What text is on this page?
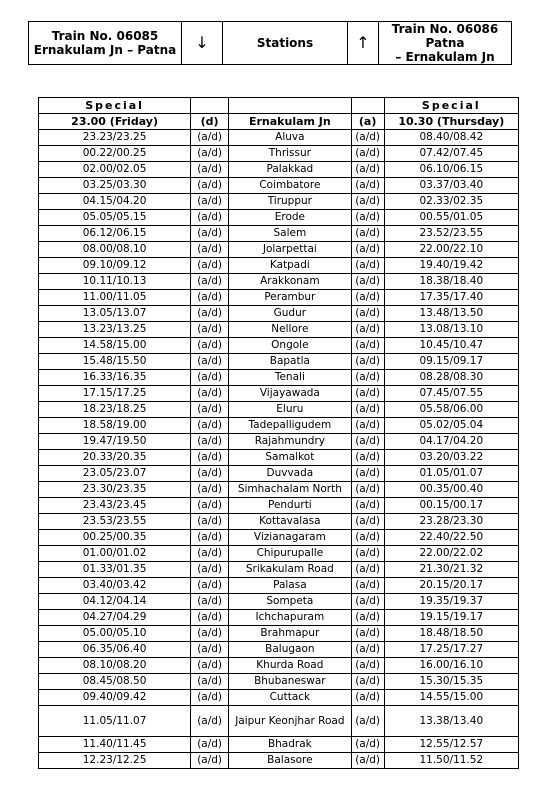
Train No. 06085
Ernakulam Jn – Patna	↓	Stations	↑	Train No. 06086 Patna
– Ernakulam Jn
Special				Special
23.00 (Friday)	(d)	Ernakulam Jn	(a)	10.30 (Thursday)
23.23/23.25	(a/d)	Aluva	(a/d)	08.40/08.42
00.22/00.25	(a/d)	Thrissur	(a/d)	07.42/07.45
02.00/02.05	(a/d)	Palakkad	(a/d)	06.10/06.15
03.25/03.30	(a/d)	Coimbatore	(a/d)	03.37/03.40
04.15/04.20	(a/d)	Tiruppur	(a/d)	02.33/02.35
05.05/05.15	(a/d)	Erode	(a/d)	00.55/01.05
06.12/06.15	(a/d)	Salem	(a/d)	23.52/23.55
08.00/08.10	(a/d)	Jolarpettai	(a/d)	22.00/22.10
09.10/09.12	(a/d)	Katpadi	(a/d)	19.40/19.42
10.11/10.13	(a/d)	Arakkonam	(a/d)	18.38/18.40
11.00/11.05	(a/d)	Perambur	(a/d)	17.35/17.40
13.05/13.07	(a/d)	Gudur	(a/d)	13.48/13.50
13.23/13.25	(a/d)	Nellore	(a/d)	13.08/13.10
14.58/15.00	(a/d)	Ongole	(a/d)	10.45/10.47
15.48/15.50	(a/d)	Bapatla	(a/d)	09.15/09.17
16.33/16.35	(a/d)	Tenali	(a/d)	08.28/08.30
17.15/17.25	(a/d)	Vijayawada	(a/d)	07.45/07.55
18.23/18.25	(a/d)	Eluru	(a/d)	05.58/06.00
18.58/19.00	(a/d)	Tadepalligudem	(a/d)	05.02/05.04
19.47/19.50	(a/d)	Rajahmundry	(a/d)	04.17/04.20
20.33/20.35	(a/d)	Samalkot	(a/d)	03.20/03.22
23.05/23.07	(a/d)	Duvvada	(a/d)	01.05/01.07
23.30/23.35	(a/d)	Simhachalam North	(a/d)	00.35/00.40
23.43/23.45	(a/d)	Pendurti	(a/d)	00.15/00.17
23.53/23.55	(a/d)	Kottavalasa	(a/d)	23.28/23.30
00.25/00.35	(a/d)	Vizianagaram	(a/d)	22.40/22.50
01.00/01.02	(a/d)	Chipurupalle	(a/d)	22.00/22.02
01.33/01.35	(a/d)	Srikakulam Road	(a/d)	21.30/21.32
03.40/03.42	(a/d)	Palasa	(a/d)	20.15/20.17
04.12/04.14	(a/d)	Sompeta	(a/d)	19.35/19.37
04.27/04.29	(a/d)	Ichchapuram	(a/d)	19.15/19.17
05.00/05.10	(a/d)	Brahmapur	(a/d)	18.48/18.50
06.35/06.40	(a/d)	Balugaon	(a/d)	17.25/17.27
08.10/08.20	(a/d)	Khurda Road	(a/d)	16.00/16.10
08.45/08.50	(a/d)	Bhubaneswar	(a/d)	15.30/15.35
09.40/09.42	(a/d)	Cuttack	(a/d)	14.55/15.00
11.05/11.07	(a/d)	Jaipur Keonjhar Road	(a/d)	13.38/13.40
11.40/11.45	(a/d)	Bhadrak	(a/d)	12.55/12.57
12.23/12.25	(a/d)	Balasore	(a/d)	11.50/11.52
